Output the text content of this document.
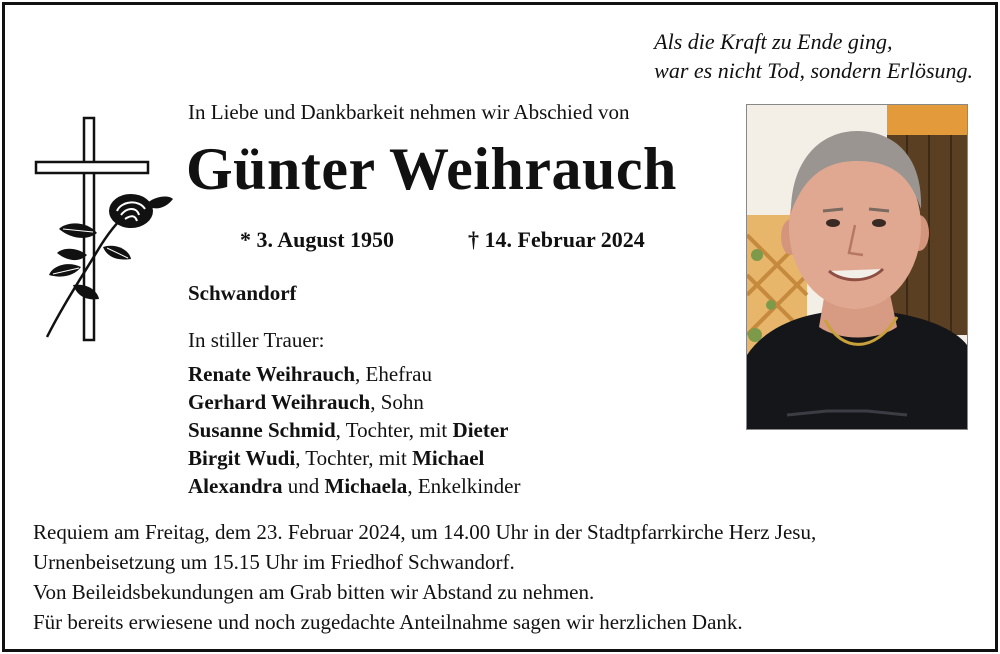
Als die Kraft zu Ende ging,
war es nicht Tod, sondern Erlösung.
In Liebe und Dankbarkeit nehmen wir Abschied von
Günter Weihrauch
* 3. August 1950	† 14. Februar 2024
Schwandorf
In stiller Trauer:
Renate Weihrauch, Ehefrau
Gerhard Weihrauch, Sohn
Susanne Schmid, Tochter, mit Dieter
Birgit Wudi, Tochter, mit Michael
Alexandra und Michaela, Enkelkinder
Requiem am Freitag, dem 23. Februar 2024, um 14.00 Uhr in der Stadtpfarrkirche Herz Jesu,
Urnenbeisetzung um 15.15 Uhr im Friedhof Schwandorf.
Von Beileidsbekundungen am Grab bitten wir Abstand zu nehmen.
Für bereits erwiesene und noch zugedachte Anteilnahme sagen wir herzlichen Dank.
